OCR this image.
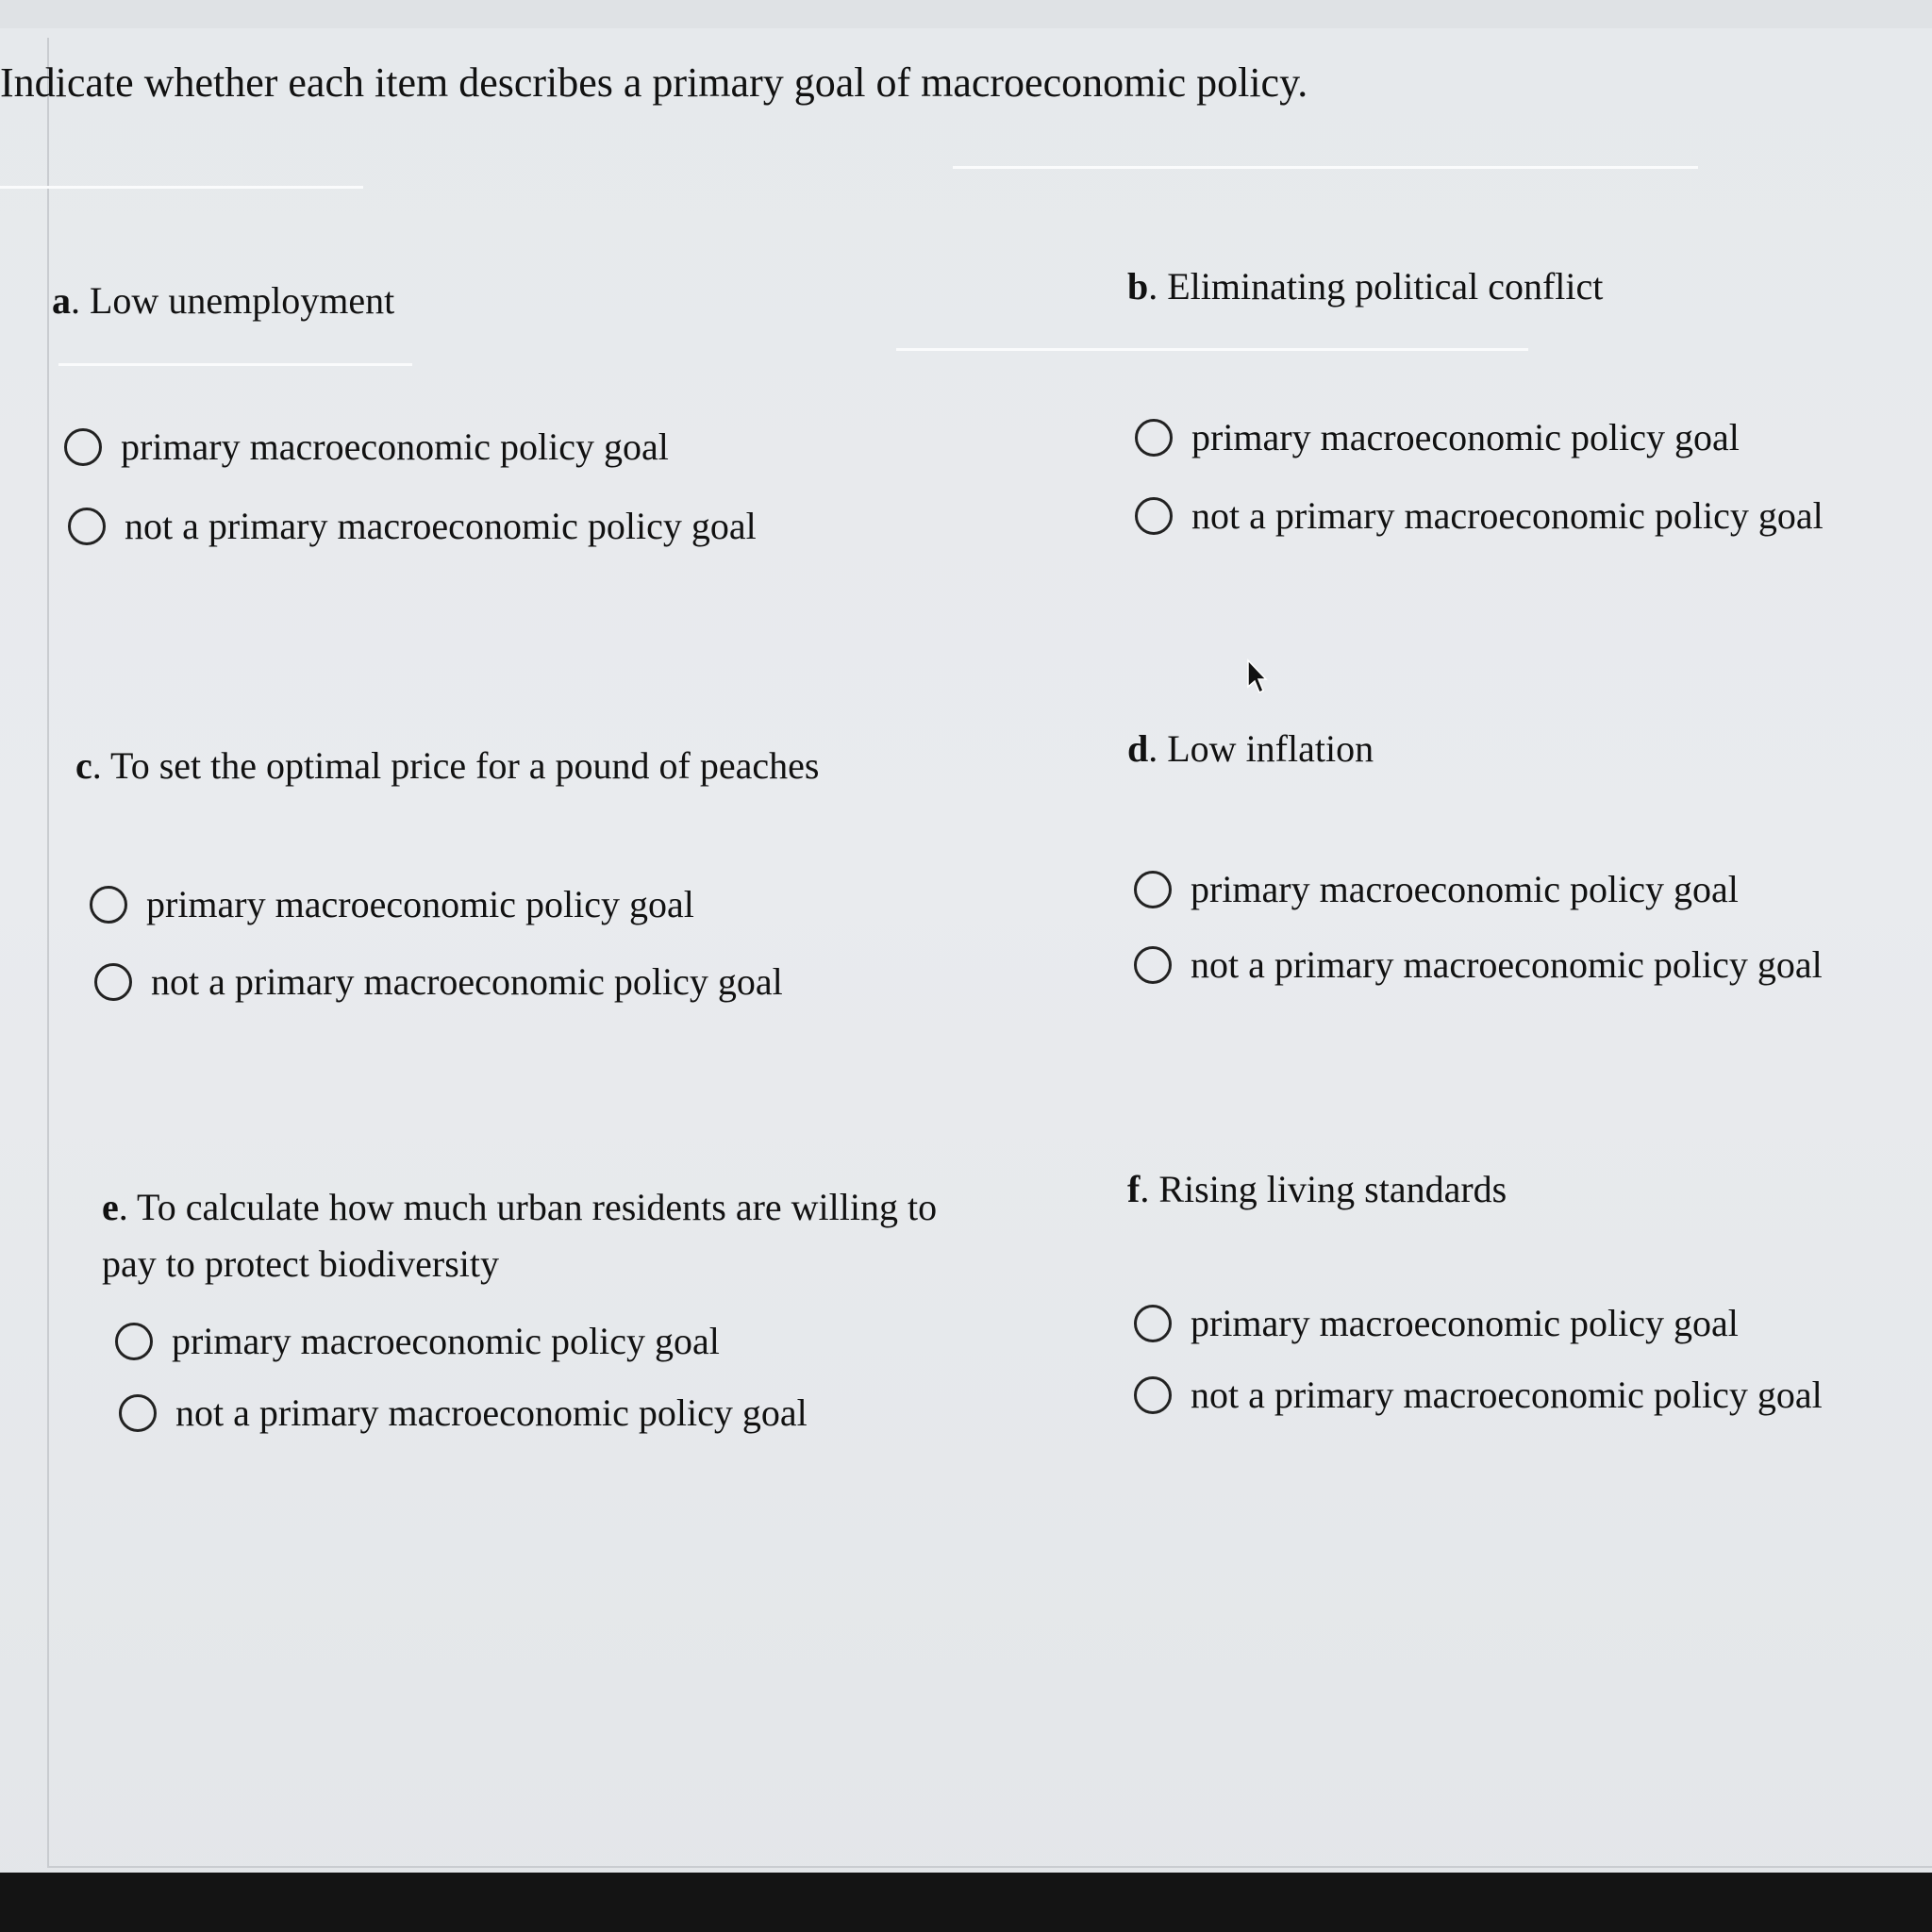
Indicate whether each item describes a primary goal of macroeconomic policy.
a. Low unemployment
primary macroeconomic policy goal
not a primary macroeconomic policy goal
b. Eliminating political conflict
primary macroeconomic policy goal
not a primary macroeconomic policy goal
c. To set the optimal price for a pound of peaches
primary macroeconomic policy goal
not a primary macroeconomic policy goal
d. Low inflation
primary macroeconomic policy goal
not a primary macroeconomic policy goal
e. To calculate how much urban residents are willing to pay to protect biodiversity
primary macroeconomic policy goal
not a primary macroeconomic policy goal
f. Rising living standards
primary macroeconomic policy goal
not a primary macroeconomic policy goal
